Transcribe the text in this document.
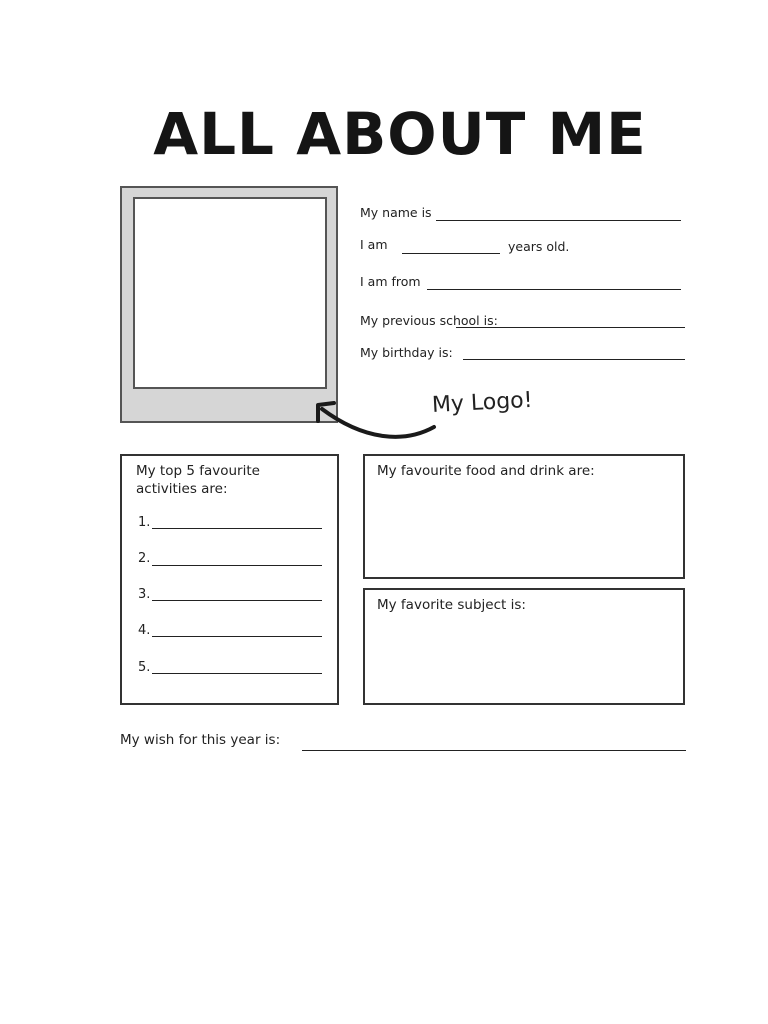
ALL ABOUT ME
My name is
I am	years old.
I am from
My previous school is:
My birthday is:
My Logo!
My top 5 favourite
activities are:
1.
2.
3.
4.
5.
My favourite food and drink are:
My favorite subject is:
My wish for this year is:
